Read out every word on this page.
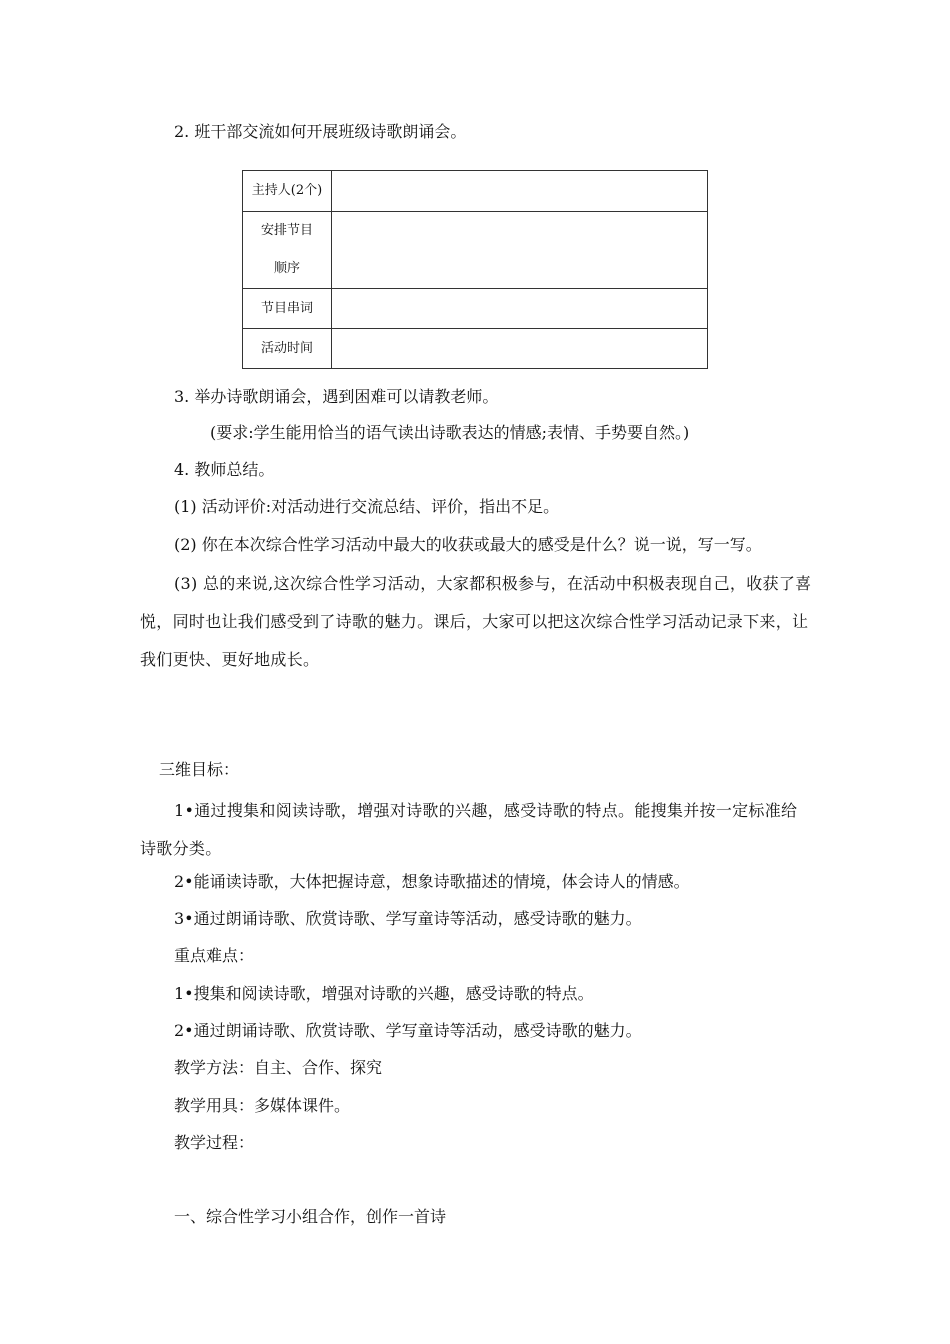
2. 班干部交流如何开展班级诗歌朗诵会。
主持人(2个)	
安排节目顺序	
节目串词	
活动时间	
3. 举办诗歌朗诵会，遇到困难可以请教老师。
(要求:学生能用恰当的语气读出诗歌表达的情感;表情、手势要自然。)
4. 教师总结。
(1) 活动评价:对活动进行交流总结、评价，指出不足。
(2) 你在本次综合性学习活动中最大的收获或最大的感受是什么？说一说，写一写。
(3) 总的来说,这次综合性学习活动，大家都积极参与，在活动中积极表现自己，收获了喜悦，同时也让我们感受到了诗歌的魅力。课后，大家可以把这次综合性学习活动记录下来，让我们更快、更好地成长。
三维目标：
1•通过搜集和阅读诗歌，增强对诗歌的兴趣，感受诗歌的特点。能搜集并按一定标准给诗歌分类。
2•能诵读诗歌，大体把握诗意，想象诗歌描述的情境，体会诗人的情感。
3•通过朗诵诗歌、欣赏诗歌、学写童诗等活动，感受诗歌的魅力。
重点难点：
1•搜集和阅读诗歌，增强对诗歌的兴趣，感受诗歌的特点。
2•通过朗诵诗歌、欣赏诗歌、学写童诗等活动，感受诗歌的魅力。
教学方法：自主、合作、探究
教学用具：多媒体课件。
教学过程：
一、综合性学习小组合作，创作一首诗
